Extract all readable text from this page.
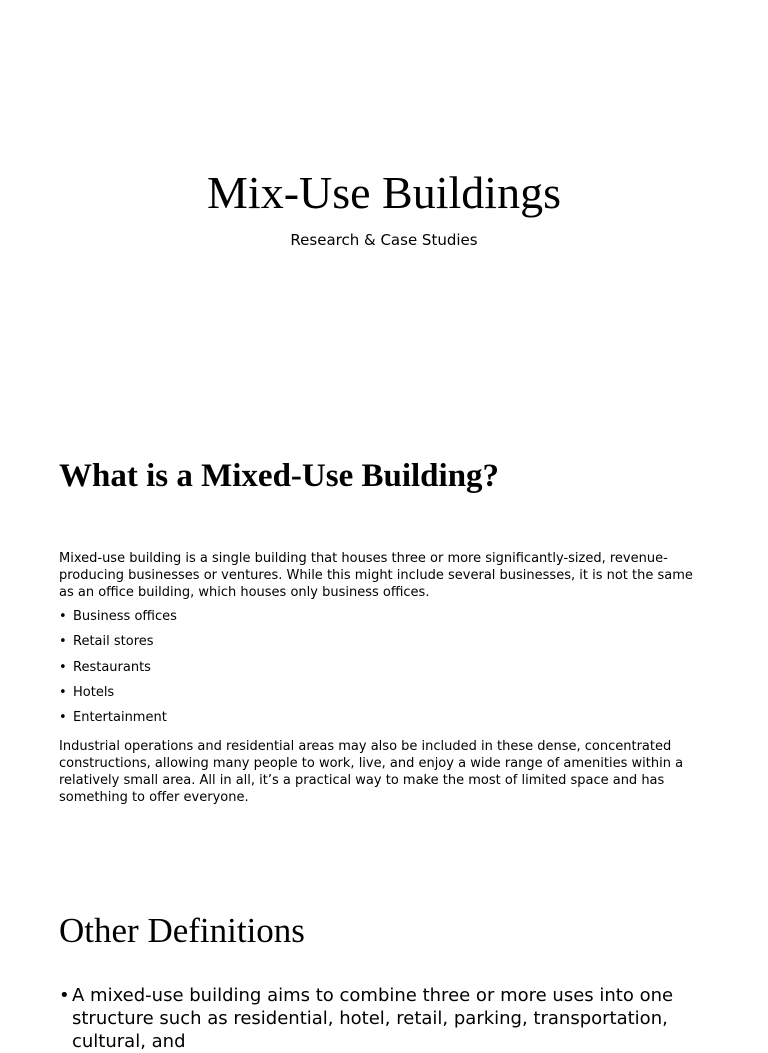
Mix-Use Buildings
Research & Case Studies
What is a Mixed-Use Building?

Mixed-use building is a single building that houses three or more significantly-sized, revenue-producing businesses or ventures. While this might include several businesses, it is not the same as an office building, which houses only business offices.

• Business offices
• Retail stores
• Restaurants
• Hotels
• Entertainment

Industrial operations and residential areas may also be included in these dense, concentrated constructions, allowing many people to work, live, and enjoy a wide range of amenities within a relatively small area. All in all, it’s a practical way to make the most of limited space and has something to offer everyone.

Other Definitions
• A mixed-use building aims to combine three or more uses into one structure such as residential, hotel, retail, parking, transportation, cultural, and
